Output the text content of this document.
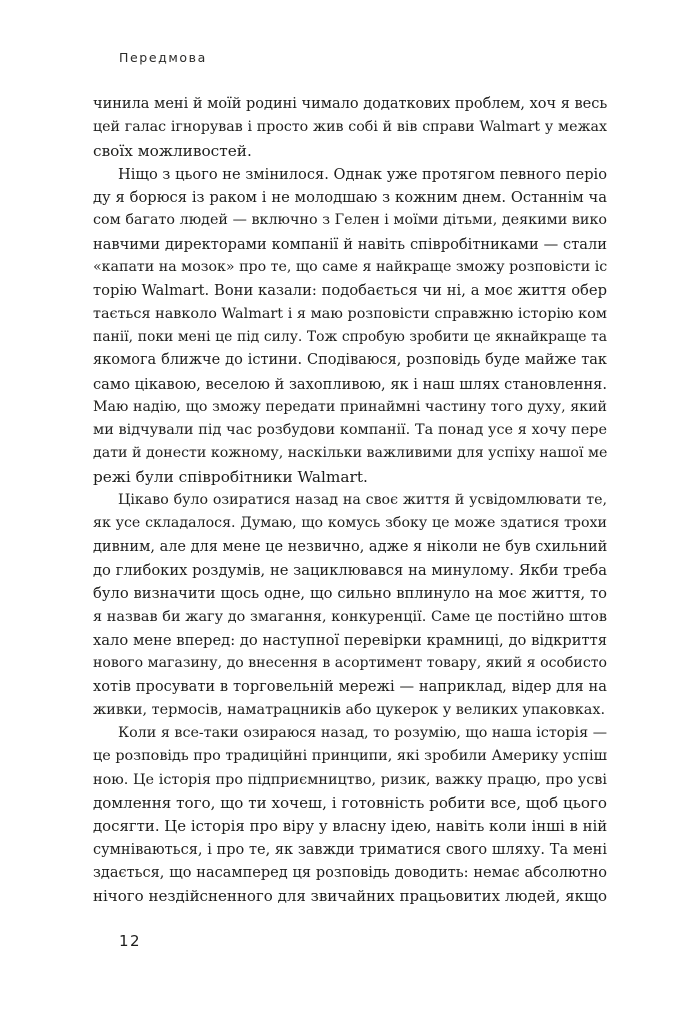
Передмова
чинила мені й моїй родині чимало додаткових проблем, хоч я весь
цей галас ігнорував і просто жив собі й вів справи Walmart у межах
своїх можливостей.
Ніщо з цього не змінилося. Однак уже протягом певного періо
ду я борюся із раком і не молодшаю з кожним днем. Останнім ча
сом багато людей — включно з Гелен і моїми дітьми, деякими вико
навчими директорами компанії й навіть співробітниками — стали
«капати на мозок» про те, що саме я найкраще зможу розповісти іс
торію Walmart. Вони казали: подобається чи ні, а моє життя обер
тається навколо Walmart і я маю розповісти справжню історію ком
панії, поки мені це під силу. Тож спробую зробити це якнайкраще та
якомога ближче до істини. Сподіваюся, розповідь буде майже так
само цікавою, веселою й захопливою, як і наш шлях становлення.
Маю надію, що зможу передати принаймні частину того духу, який
ми відчували під час розбудови компанії. Та понад усе я хочу пере
дати й донести кожному, наскільки важливими для успіху нашої ме
режі були співробітники Walmart.
Цікаво було озиратися назад на своє життя й усвідомлювати те,
як усе складалося. Думаю, що комусь збоку це може здатися трохи
дивним, але для мене це незвично, адже я ніколи не був схильний
до глибоких роздумів, не зациклювався на минулому. Якби треба
було визначити щось одне, що сильно вплинуло на моє життя, то
я назвав би жагу до змагання, конкуренції. Саме це постійно штов
хало мене вперед: до наступної перевірки крамниці, до відкриття
нового магазину, до внесення в асортимент товару, який я особисто
хотів просувати в торговельній мережі — наприклад, відер для на
живки, термосів, наматрацників або цукерок у великих упаковках.
Коли я все-таки озираюся назад, то розумію, що наша історія —
це розповідь про традиційні принципи, які зробили Америку успіш
ною. Це історія про підприємництво, ризик, важку працю, про усві
домлення того, що ти хочеш, і готовність робити все, щоб цього
досягти. Це історія про віру у власну ідею, навіть коли інші в ній
сумніваються, і про те, як завжди триматися свого шляху. Та мені
здається, що насамперед ця розповідь доводить: немає абсолютно
нічого нездійсненного для звичайних працьовитих людей, якщо
12
